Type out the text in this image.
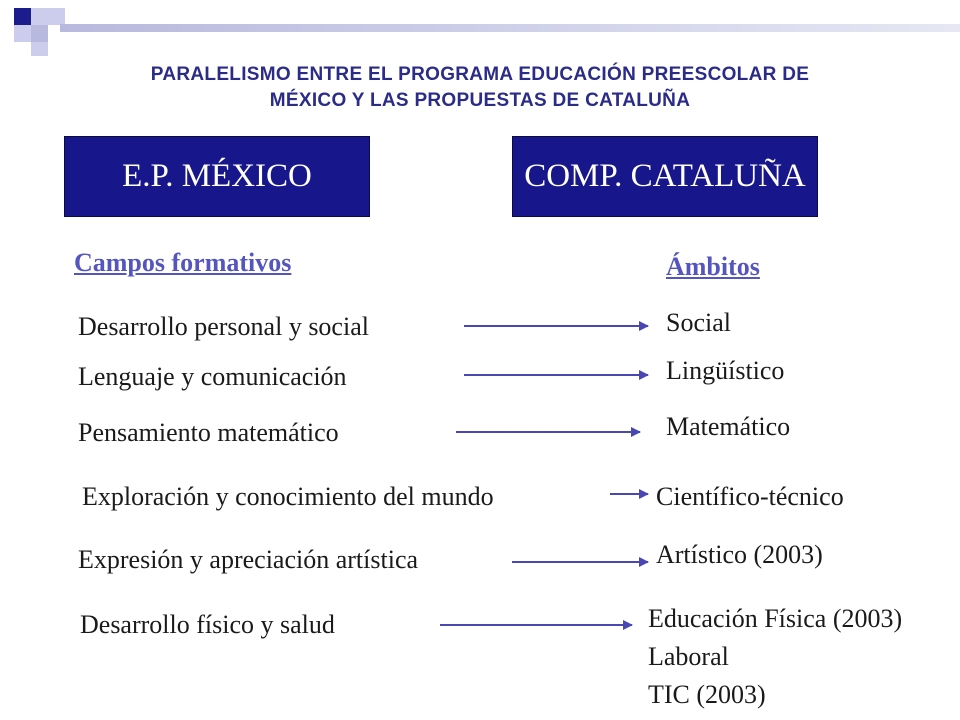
PARALELISMO ENTRE EL PROGRAMA EDUCACIÓN PREESCOLAR DE
MÉXICO Y LAS PROPUESTAS DE CATALUÑA
E.P. MÉXICO	COMP. CATALUÑA
Campos formativos	Ámbitos
Desarrollo personal y social
Lenguaje y comunicación
Pensamiento matemático
Exploración y conocimiento del mundo
Expresión y apreciación artística
Desarrollo físico y salud
Social
Lingüístico
Matemático
Científico-técnico
Artístico (2003)
Educación Física (2003)
Laboral
TIC (2003)
